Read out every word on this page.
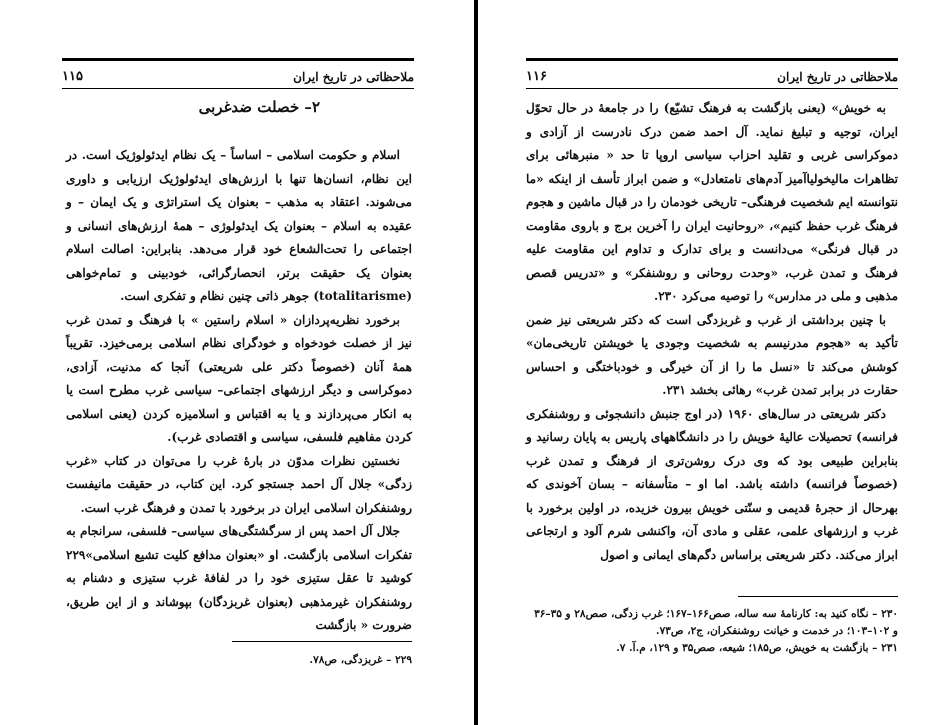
۱۱۵	ملاحظاتی در تاریخ ایران
۲– خصلت ضدغربی

اسلام و حکومت اسلامی – اساساً – یک نظام ایدئولوژیک است. در این نظام، انسان‌ها تنها با ارزش‌های ایدئولوژیک ارزیابی و داوری می‌شوند. اعتقاد به مذهب – بعنوان یک استراتژی و یک ایمان – و عقیده به اسلام – بعنوان یک ایدئولوژی – همهٔ ارزش‌های انسانی و اجتماعی را تحت‌الشعاع خود قرار می‌دهد. بنابراین: اصالت اسلام بعنوان یک حقیقت برتر، انحصارگرائی، خودبینی و تمام‌خواهی (totalitarisme) جوهر ذاتی چنین نظام و تفکری است.

برخورد نظریه‌پردازان « اسلام راستین » با فرهنگ و تمدن غرب نیز از خصلت خودخواه و خودگرای نظام اسلامی برمی‌خیزد. تقریباً همهٔ آنان (خصوصاً دکتر علی شریعتی) آنجا که مدنیت، آزادی، دموکراسی و دیگر ارزشهای اجتماعی– سیاسی غرب مطرح است یا به انکار می‌پردازند و یا به اقتباس و اسلامیزه کردن (یعنی اسلامی کردن مفاهیم فلسفی، سیاسی و اقتصادی غرب).

نخستین نظرات مدوّن در بارهٔ غرب را می‌توان در کتاب «غرب زدگی» جلال آل احمد جستجو کرد. این کتاب، در حقیقت مانیفست روشنفکران اسلامی ایران در برخورد با تمدن و فرهنگ غرب است.

جلال آل احمد پس از سرگشتگی‌های سیاسی– فلسفی، سرانجام به تفکرات اسلامی بازگشت. او «بعنوان مدافع کلیت تشیع اسلامی»۲۲۹ کوشید تا عقل ستیزی خود را در لفافهٔ غرب ستیزی و دشنام به روشنفکران غیرمذهبی (بعنوان غربزدگان) بپوشاند و از این طریق، ضرورت « بازگشت

۲۲۹ – غربزدگی، ص۷۸.
۱۱۶	ملاحظاتی در تاریخ ایران

به خویش» (یعنی بازگشت به فرهنگ تشیّع) را در جامعهٔ در حال تحوّل ایران، توجیه و تبلیغ نماید. آل احمد ضمن درک نادرست از آزادی و دموکراسی غربی و تقلید احزاب سیاسی اروپا تا حد « منبرهائی برای تظاهرات مالیخولیاآمیز آدم‌های نامتعادل» و ضمن ابراز تأسف از اینکه «ما نتوانسته ایم شخصیت فرهنگی– تاریخی خودمان را در قبال ماشین و هجوم فرهنگ غرب حفظ کنیم»، «روحانیت ایران را آخرین برج و باروی مقاومت در قبال فرنگی» می‌دانست و برای تدارک و تداوم این مقاومت علیه فرهنگ و تمدن غرب، «وحدت روحانی و روشنفکر» و «تدریس قصص مذهبی و ملی در مدارس» را توصیه می‌کرد ۲۳۰.

با چنین برداشتی از غرب و غربزدگی است که دکتر شریعتی نیز ضمن تأکید به «هجوم مدرنیسم به شخصیت وجودی یا خویشتن تاریخی‌مان» کوشش می‌کند تا «نسل ما را از آن خیرگی و خودباختگی و احساس حقارت در برابر تمدن غرب» رهائی بخشد ۲۳۱.

دکتر شریعتی در سال‌های ۱۹۶۰ (در اوج جنبش دانشجوئی و روشنفکری فرانسه) تحصیلات عالیهٔ خویش را در دانشگاههای پاریس به پایان رسانید و بنابراین طبیعی بود که وی درک روشن‌تری از فرهنگ و تمدن غرب (خصوصاً فرانسه) داشته باشد. اما او – متأسفانه – بسان آخوندی که بهرحال از حجرهٔ قدیمی و سنّتی خویش بیرون خزیده، در اولین برخورد با غرب و ارزشهای علمی، عقلی و مادی آن، واکنشی شرم آلود و ارتجاعی ابراز می‌کند. دکتر شریعتی براساس دگم‌های ایمانی و اصول

۲۳۰ – نگاه کنید به: کارنامهٔ سه ساله، صص۱۶۶–۱۶۷؛ غرب زدگی، صص۲۸ و ۳۵–۳۶ و ۱۰۲–۱۰۳؛ در خدمت و خیانت روشنفکران، ج۲، ص۷۳.
۲۳۱ – بازگشت به خویش، ص۱۸۵؛ شیعه، صص۳۵ و ۱۲۹، م.آ. ۷.
